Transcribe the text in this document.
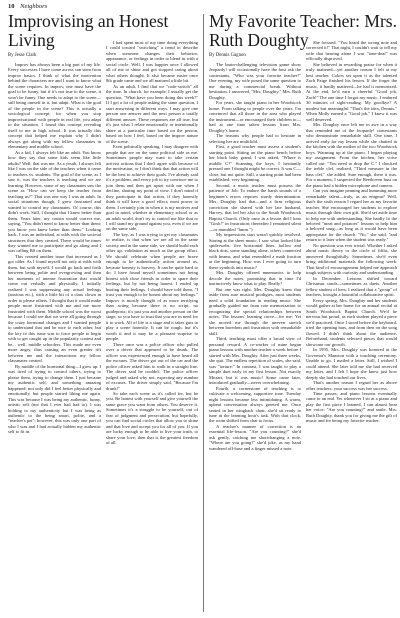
10 Neighbors
Improvising an Honest Living
By Jesse Clark
My Favorite Teacher: Mrs. Ruth Doughty
By Dennis Gagnon

Improv has always been a big part of my life. Every successes I have come across can stem from improv basics. I think of what the motivation behind the characters are and I want to know what the scene requires. In improv, one must have the goal to be funny, but if it's not true to the scene, it won't be funny. One needs to adapt to the scene—still being oneself in it, but adapt. What is the goal of the people in the scene? This is actually a sociological concept, for when you stop improvisational with people in real life, you adapt to the situation. I found this concept revealing itself to me in high school. It was actually this concept that helped me explain why I didn't always get along with my fellow classmates in elementary and middle school.

As a kid, I always felt like an adult. You know how they say that some kids seem like little adults? Well, that was me. As a youth, I always felt like I was on the side of the teachers when it came to teachers vs. students. The goal of the scene, as I saw it, was the teachers is teaching and we are learning. However, some of my classmates saw the scene as "How can we keep the teacher from teaching us?" That was one way I was an adult. In social situations though, I grew frustrated and wanted to control my classmates. Of course, this didn't work. Still, I thought that I knew better than them. Years later, my cousin would correct me, saying, "You didn't need to know better than them; you know you knew better than them." Looking back, I was an individual, at odds with the societal structures that they created. There would be times they wanted me to participate and go along and I was calling BS on them.

This created another issue that increased as I got older. As I found myself not only at odds with them, but with myself, I would go back and forth between being polite and overgrowing and then her moments of intense frustration that would come out verbally and physically. I initially realized I was suppressing any actual feelings (anxious etc.), with a little bit of a class clown in order to please others. I thought that it would make people more frustrated with me and me more frustrated with them. Middle school was the worst because I could see that we were all going through the crazy hormonal changes and I wanted people to understand that and be nice to each other, but the key to this issue was to force people to begin with to get caught up in the popularity contest and be... well, middle schoolers. This made me even more angry, thus causing an even greater rift between me and the interactions my fellow classmates created.

By middle of the hormonal thing—I grew up. I was tired of trying to control others, trying to please them, trying to change them. I just became my authentic self, and something amazing happened: not only did I feel better physically and emotionally, but people started liking me again. This was because I was being my authentic, funny, artistic self (not that I ever had had to). I was holding to my authenticity but I was being as authentic to the being smart, polite, and a "teacher's pet"; however, this was only one part of who I was and I had actually hidden my authentic self to fit in.

I had spent most of my time doing everything I could toward "switching" a trend to describe when someone changes their behavior, appearance, or feelings in order to blend in with a social circle. Well, I was happier once I allowed all of me to shine and got stopped caring about what others thought. It also became easier once 8th grade came and we all matured a little bit.

As an adult, I find that we "code-switch" all the time. In church, for example, I usually get the question, "What have you been doing this week?" If I get a lot of people asking the same question, I start answering in different ways. I may give one person one answer and the next person a totally different answer. These responses are all true, but it's just what I relate emotionally or intentionally share at a particular time based on the person, based on how I feel, based on the improv nature of the scene.

Even politically speaking, I may disagree with people that are on the same political side as me. Sometimes people may want to take certain activist actions that I don't agree with because of the motivation, or I don't think that that action will be the best to achieve their goals. I've already said it's a problem, and every job to try convince me to join them and then get upset with me when I decline, sharing my point of view. I don't mind if they participate in that action, if they honestly think it will have a good effect; most power to them. I certainly join in when it is my motives and goal in mind, whether in elementary school or as an adult world, don't try to control me like that or I will stand my ground against you, even if we are on the same side.

The key, as I was trying to get my classmates to realize, is that when we are all in the same society and in the same side, we should build each other up, validation as much as the group effort. We should celebrate when people are brave enough to be authentically action around us, because honesty is bravery. It can be quite hard to do. I have found myself sometimes not being honest with close friends in order to spare their feelings, but by not being honest, I ended up hurting their feelings. I should have told them, "I trust you enough to be honest about my feelings." Improv is mostly thought of as more terrifying than acting because there is no script, no guideposts; it's just you and another person on the stage, so you have to trust that you are in need for it to work. All of life is a stage and it takes guts to play a scene honestly. It can be rough, but it's worth it and it may be a pleasant surprise to people.

There once was a police officer who pulled over a driver that appeared to be drunk. The officer was experienced enough to have heard all the excuses. The driver got out of the car and the police officer asked him to walk in a straight line. The driver said he couldn't. The police officer judged and asked why not, expecting any number of excuses. The driver simply said, "Because I'm drunk!"

So take each scene as it's called for, but be you. Be honest with yourself and give yourself the same grace you want from others. You deserve it. Sometimes it's a struggle to be yourself, out of fear of judgment and persecution, but hopefully, you can find social circles that allow you to shine and that love and accept you for all of you. If you are lucky enough to be able to live your truth, to share your love, then that is the greatest freedom of all.

The brain-challenging television game show Jeopardy! will occasionally have the host ask the contestants, "Who was your favorite teacher?" One evening, my wife posed the same question to me during a commercial break. Without hesitation, I answered, "Mrs. Doughty." Mrs. Ruth Doughty.

For years, she taught piano in her Woodstock home. From talking to people over the years, I'm convinced that all those in the area who played the instrument—or encouraged their children to—had at one time taken lessons from Mrs. Doughty's home.

The reasons why people had to hesitate in selecting her are multifold.

First, a good teacher must assess a student's starting point. Sitting on the piano bench before her black baby grand, I was asked, "Where is middle C?" Scanning the keys, I hesitantly pressed one I thought might be correct. It was C—close, but not quite. Still, a starting point had been established: very beginning.

Second, a music teacher must possess the patience of Job. To endure the harsh sounds of a beginner's errors requires sturdy determination. Mrs. Doughty had that—and a firm religious conviction she shared with her late husband, Harvey, that led her also to the South Woodstock Baptist Church. (Only once in a lesson did I hear "Gosh!" in frustration; thereafter I remained silent—or mumbled "hmm.")

My impressions start wasn't quickly resolved. Staring at the sheet music, I saw what looked like spiderwebs: five horizontal lines, hollow and black dots, some standing alone, others connected with beams, and what resembled a math fraction at the beginning. How was I ever going to turn these symbols into music?

Mrs. Doughty offered mnemonics to help decode the notes, promising that in time I'd instinctively know what to play. Really?

But one was right. Mrs. Doughty knew that aside from sure musical prodigies, most students need a solid foundation in reading music. She gradually guided me from rote memorization to recognizing the special relationships between notes. The lessons' learning curve—for me: Yet she moved me through the uneven stretch between boredom and frustration with remarkable skill.

Third, teaching must offer a broad view of personal reward. A co-worker of mine began piano lessons with another teacher a week before I started with Mrs. Doughty. After just three weeks, she quit. The endless repetition of scales, she said, was "torture." In contrast, I was taught to play a simple duet early in my first lesson. Not exactly Mozart, but it was music! Some came later, introduced gradually—never overwhelming.

Fourth, a cornerstone of teaching is to cultivate a welcoming, supportive tone. Tuesday night lessons became less intimidating. A warm, upbeat conversation always greeted me. Once seated in her wingback chair, she'd sit ready to tune in the learning hour's task. With that clock, the room shifted from chat to focus.

A teacher's manner of correction is an essential life-lesson. "Are you counting?" she'd ask gently, catching me shortchanging a note. "Where are you going?" she'd joke, as my hand wandered off-base and a finger missed a note.

She focused, "You heard the wrong note and corrected it!" That night, I couldn't wait to tell my wife that hearing alone I was "tone-deaf" was officially disproved.

She believed in rewarding praise for when it truly mattered—yet another reason I felt at my best teacher. Colors set upon it as the talented Zach Paige finished his lesson. If the forget the music, it hardly mattered—he had it memorized. At the end, he'd earn a cheerful "Good job, Zach!" The one time I forgot my music, I endured 30 minutes of sight-reading. My goodbye? A modest but meaningful "That's the idea, Dennis." When Molly earned a "Good job," I knew it was well deserved.

Mrs. Doughty once left me in awe in a way that reminded me of the Jeopardy! contestants who demonstrate remarkable skill. One time, I arrived early for my lesson while she chatted in the kitchen with the mother of the two Woodstock boys. Warming up at the piano, I began playing my assignment. From the kitchen, her voice called out: "You need to drop the C." I checked the treble clef, realized, "Third measure in the bass clef," she added. Sure enough, there it was. For a moment, I suspected the Beethoven bust on the piano had a hidden microphone and camera.

Can you imagine penning and humming more remarkable talent—truly, as an enigma? Well, that's the sixth reason I regard her as my favorite teacher. She encouraged her students to explore music through their own gift. She'd set aside time to help me with understanding. She hardly lit the beloved "meat and potatoes" lessons to help him a beloved song—as long as it would have been appropriate for the church. "No," she said, "and return to it later when the student was ready."

No question was ever trivial. Whether I asked about music theory or the circle of fifths, she answered thoughtfully. Sometimes, she'd even bring additional materials the following week. That kind of encouragement helped me approach tough subjects with curiosity and understanding.

In December, Lessons shifted toward Christmas carols—sometimes as duets. Another fellow student of hers, I realized that a "group" of teachers, brought a bountiful collaborative spirit.

Every spring, Mrs. Doughty and her students would gather at her home for an annual recital at South Woodstock Baptist Church. We'd be nervous but proud, as each student played a piece we'd practiced. Once I stood before the keyboard, tried the opening bars, and from then on the song flowed. I didn't think about the audience. Beforehand, students selected pieces that would showcase our growth.

In 1995, Mrs. Doughty was honored at the Governor's Mansion with a touching ceremony. Unable to go, I mailed a letter. Still, I wished I could attend. She later told me she had received my letter, and I felt I hope she knew just how deeply she had touched our lives.

That's another reason I regard her as above other teachers: your success was her success.

Time passes, and piano lessons eventually came to an end. Yet whenever I sit at a piano and play the first piece I learned, I can almost hear her voice: "Are you counting?" and smile. Mrs. Ruth Doughty, thank you for giving me the gift of music and for being my favorite teacher.
